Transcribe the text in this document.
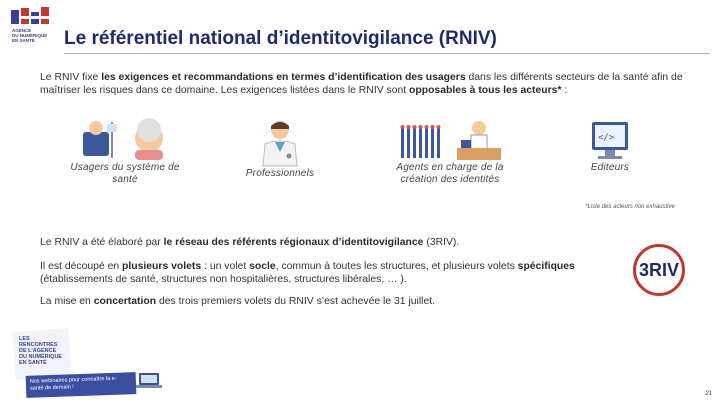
AGENCE
DU NUMÉRIQUE
EN SANTÉ	Le référentiel national d’identitovigilance (RNIV)
Le RNIV fixe les exigences et recommandations en termes d’identification des usagers dans les différents secteurs de la santé afin de maîtriser les risques dans ce domaine. Les exigences listées dans le RNIV sont opposables à tous les acteurs* :
Usagers du système de santé
Professionnels
Agents en charge de la création des identités
</>
Editeurs
*Liste des acteurs non exhaustive
Le RNIV a été élaboré par le réseau des référents régionaux d’identitovigilance (3RIV).
Il est découpé en plusieurs volets : un volet socle, commun à toutes les structures, et plusieurs volets spécifiques (établissements de santé, structures non hospitalières, structures libérales, … ).
La mise en concertation des trois premiers volets du RNIV s’est achevée le 31 juillet.
3RIV
LES
RENCONTRES
DE L’AGENCE
DU NUMÉRIQUE
EN SANTÉ
Nos webinaires pour connaître la e-santé de demain !
21
